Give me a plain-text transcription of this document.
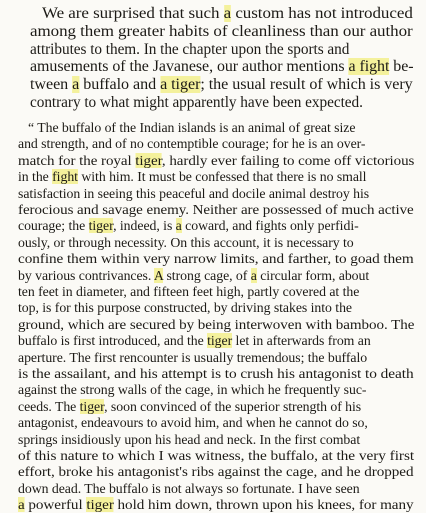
We are surprised that such a custom has not introduced
among them greater habits of cleanliness than our author
attributes to them. In the chapter upon the sports and
amusements of the Javanese, our author mentions a fight be-
tween a buffalo and a tiger; the usual result of which is very
contrary to what might apparently have been expected.
“ The buffalo of the Indian islands is an animal of great size
and strength, and of no contemptible courage; for he is an over-
match for the royal tiger, hardly ever failing to come off victorious
in the fight with him. It must be confessed that there is no small
satisfaction in seeing this peaceful and docile animal destroy his
ferocious and savage enemy. Neither are possessed of much active
courage; the tiger, indeed, is a coward, and fights only perfidi-
ously, or through necessity. On this account, it is necessary to
confine them within very narrow limits, and farther, to goad them
by various contrivances. A strong cage, of a circular form, about
ten feet in diameter, and fifteen feet high, partly covered at the
top, is for this purpose constructed, by driving stakes into the
ground, which are secured by being interwoven with bamboo. The
buffalo is first introduced, and the tiger let in afterwards from an
aperture. The first rencounter is usually tremendous; the buffalo
is the assailant, and his attempt is to crush his antagonist to death
against the strong walls of the cage, in which he frequently suc-
ceeds. The tiger, soon convinced of the superior strength of his
antagonist, endeavours to avoid him, and when he cannot do so,
springs insidiously upon his head and neck. In the first combat
of this nature to which I was witness, the buffalo, at the very first
effort, broke his antagonist's ribs against the cage, and he dropped
down dead. The buffalo is not always so fortunate. I have seen
a powerful tiger hold him down, thrown upon his knees, for many
